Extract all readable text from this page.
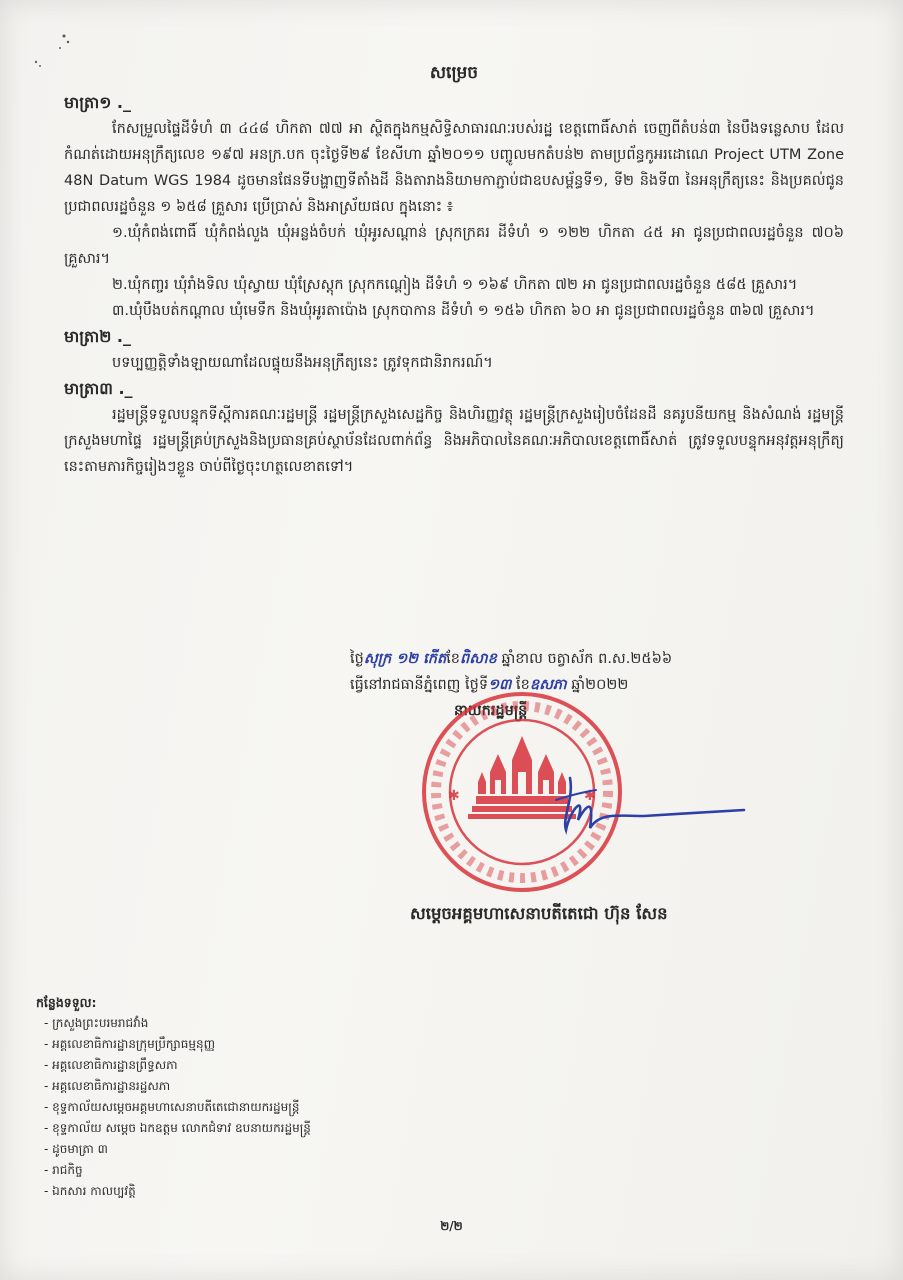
សម្រេច
មាត្រា១ ._

កែសម្រួលផ្ទៃដីទំហំ ៣ ៤៤៨ ហិកតា ៧៧ អា ស្ថិតក្នុងកម្មសិទ្ធិសាធារណៈរបស់រដ្ឋ ខេត្តពោធិ៍សាត់ ចេញពីតំបន់៣ នៃបឹងទន្លេសាប ដែលកំណត់ដោយអនុក្រឹត្យលេខ ១៩៧ អនក្រ.បក ចុះថ្ងៃទី២៩ ខែសីហា ឆ្នាំ២០១១ បញ្ចូលមកតំបន់២ តាមប្រព័ន្ធកូអរដោណេ Project UTM Zone 48N Datum WGS 1984 ដូចមានផែនទីបង្ហាញទីតាំងដី និងតារាងនិយាមកាភ្ជាប់ជាឧបសម្ព័ន្ធទី១, ទី២ និងទី៣ នៃអនុក្រឹត្យនេះ និងប្រគល់ជូនប្រជាពលរដ្ឋចំនួន ១ ៦៥៨ គ្រួសារ ប្រើប្រាស់ និងអាស្រ័យផល ក្នុងនោះ ៖

១.ឃុំកំពង់ពោធិ៍ ឃុំកំពង់លួង ឃុំអន្លង់ចំបក់ ឃុំអូរសណ្ដាន់ ស្រុកក្រគរ ដីទំហំ ១ ១២២ ហិកតា ៤៥ អា ជូនប្រជាពលរដ្ឋចំនួន ៧០៦ គ្រួសារ។

២.ឃុំកញ្ចរ ឃុំរាំងទិល ឃុំស្វាយ ឃុំស្រែស្តុក ស្រុកកណ្តៀង ដីទំហំ ១ ១៦៩ ហិកតា ៧២ អា ជូនប្រជាពលរដ្ឋចំនួន ៥៨៥ គ្រួសារ។

៣.ឃុំបឹងបត់កណ្ដាល ឃុំមេទឹក និងឃុំអូរតាប៉ោង ស្រុកបាកាន ដីទំហំ ១ ១៥៦ ហិកតា ៦០ អា ជូនប្រជាពលរដ្ឋចំនួន ៣៦៧ គ្រួសារ។

មាត្រា២ ._

បទប្បញ្ញត្តិទាំងឡាយណាដែលផ្ទុយនឹងអនុក្រឹត្យនេះ ត្រូវទុកជានិរាករណ៍។

មាត្រា៣ ._

រដ្ឋមន្ត្រីទទួលបន្ទុកទីស្ដីការគណៈរដ្ឋមន្ត្រី រដ្ឋមន្ត្រីក្រសួងសេដ្ឋកិច្ច និងហិរញ្ញវត្ថុ រដ្ឋមន្ត្រីក្រសួងរៀបចំដែនដី នគរូបនីយកម្ម និងសំណង់ រដ្ឋមន្ត្រីក្រសួងមហាផ្ទៃ រដ្ឋមន្ត្រីគ្រប់ក្រសួងនិងប្រធានគ្រប់ស្ថាប័នដែលពាក់ព័ន្ធ និងអភិបាលនៃគណៈអភិបាលខេត្តពោធិ៍សាត់ ត្រូវទទួលបន្ទុកអនុវត្តអនុក្រឹត្យនេះតាមភារកិច្ចរៀងៗខ្លួន ចាប់ពីថ្ងៃចុះហត្ថលេខាតទៅ។

ថ្ងៃសុក្រ ១២ កើតខែពិសាខ ឆ្នាំខាល ចត្វាស័ក ព.ស.២៥៦៦
ធ្វើនៅរាជធានីភ្នំពេញ ថ្ងៃទី១៣ ខែឧសភា ឆ្នាំ២០២២
នាយករដ្ឋមន្ត្រី
✱	✱
សម្ដេចអគ្គមហាសេនាបតីតេជោ ហ៊ុន សែន
កន្លែងទទួល:
- ក្រសួងព្រះបរមរាជវាំង
- អគ្គលេខាធិការដ្ឋានក្រុមប្រឹក្សាធម្មនុញ្ញ
- អគ្គលេខាធិការដ្ឋានព្រឹទ្ធសភា
- អគ្គលេខាធិការដ្ឋានរដ្ឋសភា
- ខុទ្ទកាល័យសម្ដេចអគ្គមហាសេនាបតីតេជោនាយករដ្ឋមន្ត្រី
- ខុទ្ទកាល័យ សម្ដេច ឯកឧត្ដម លោកជំទាវ ឧបនាយករដ្ឋមន្ត្រី
- ដូចមាត្រា ៣
- រាជកិច្ច
- ឯកសារ កាលប្បវត្តិ
២/២
